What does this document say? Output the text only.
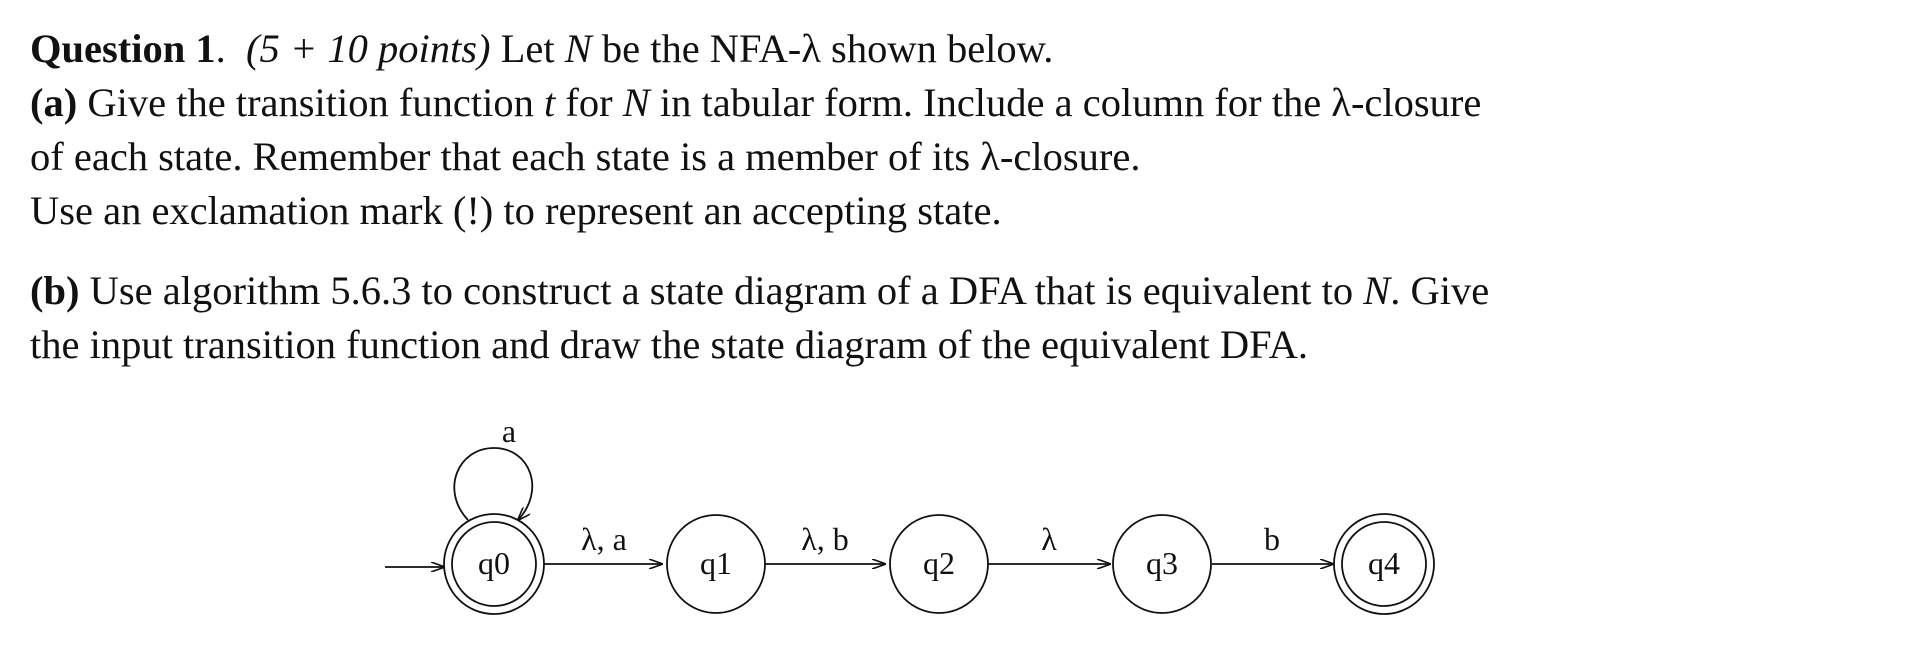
Question 1. (5 + 10 points) Let N be the NFA-λ shown below.

(a) Give the transition function t for N in tabular form. Include a column for the λ-closure

of each state. Remember that each state is a member of its λ-closure.

Use an exclamation mark (!) to represent an accepting state.

(b) Use algorithm 5.6.3 to construct a state diagram of a DFA that is equivalent to N. Give

the input transition function and draw the state diagram of the equivalent DFA.

a
λ, a	λ, b	λ	b
q0	q1	q2	q3	q4
